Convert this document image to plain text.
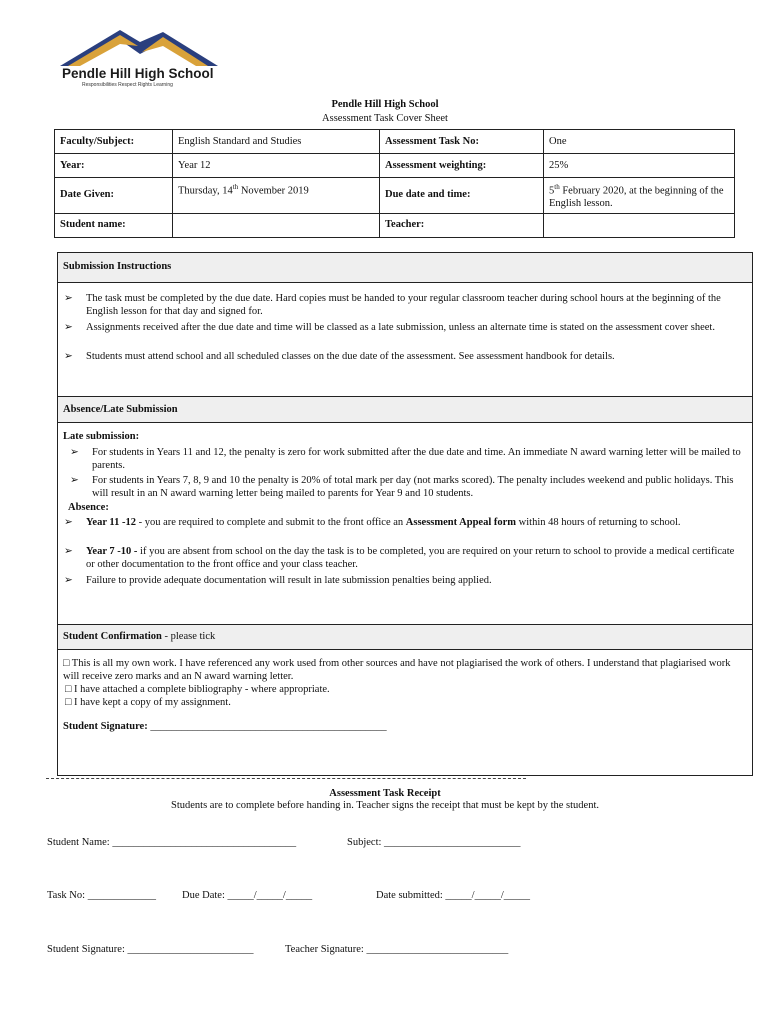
Pendle Hill High School
Responsibilities Respect Rights Learning
Pendle Hill High School
Assessment Task Cover Sheet
Faculty/Subject:	English Standard and Studies	Assessment Task No:	One
Year:	Year 12	Assessment weighting:	25%
Date Given:	Thursday, 14th November 2019	Due date and time:	5th February 2020, at the beginning of the English lesson.
Student name:		Teacher:	
Submission Instructions
➢ The task must be completed by the due date. Hard copies must be handed to your regular classroom teacher during school hours at the beginning of the English lesson for that day and signed for.
➢ Assignments received after the due date and time will be classed as a late submission, unless an alternate time is stated on the assessment cover sheet.
➢ Students must attend school and all scheduled classes on the due date of the assessment. See assessment handbook for details.
Absence/Late Submission
Late submission:
➢ For students in Years 11 and 12, the penalty is zero for work submitted after the due date and time. An immediate N award warning letter will be mailed to parents.
➢ For students in Years 7, 8, 9 and 10 the penalty is 20% of total mark per day (not marks scored). The penalty includes weekend and public holidays. This will result in an N award warning letter being mailed to parents for Year 9 and 10 students.
Absence:
➢ Year 11 -12 - you are required to complete and submit to the front office an Assessment Appeal form within 48 hours of returning to school.
➢ Year 7 -10 - if you are absent from school on the day the task is to be completed, you are required on your return to school to provide a medical certificate or other documentation to the front office and your class teacher.
➢ Failure to provide adequate documentation will result in late submission penalties being applied.
Student Confirmation - please tick
□ This is all my own work. I have referenced any work used from other sources and have not plagiarised the work of others. I understand that plagiarised work will receive zero marks and an N award warning letter.
□ I have attached a complete bibliography - where appropriate.
□ I have kept a copy of my assignment.
Student Signature: _____________________________________________
Assessment Task Receipt
Students are to complete before handing in. Teacher signs the receipt that must be kept by the student.
Student Name: ___________________________________	Subject: __________________________
Task No: _____________ Due Date: _____/_____/_____	Date submitted: _____/_____/_____
Student Signature: ________________________	Teacher Signature: ___________________________
